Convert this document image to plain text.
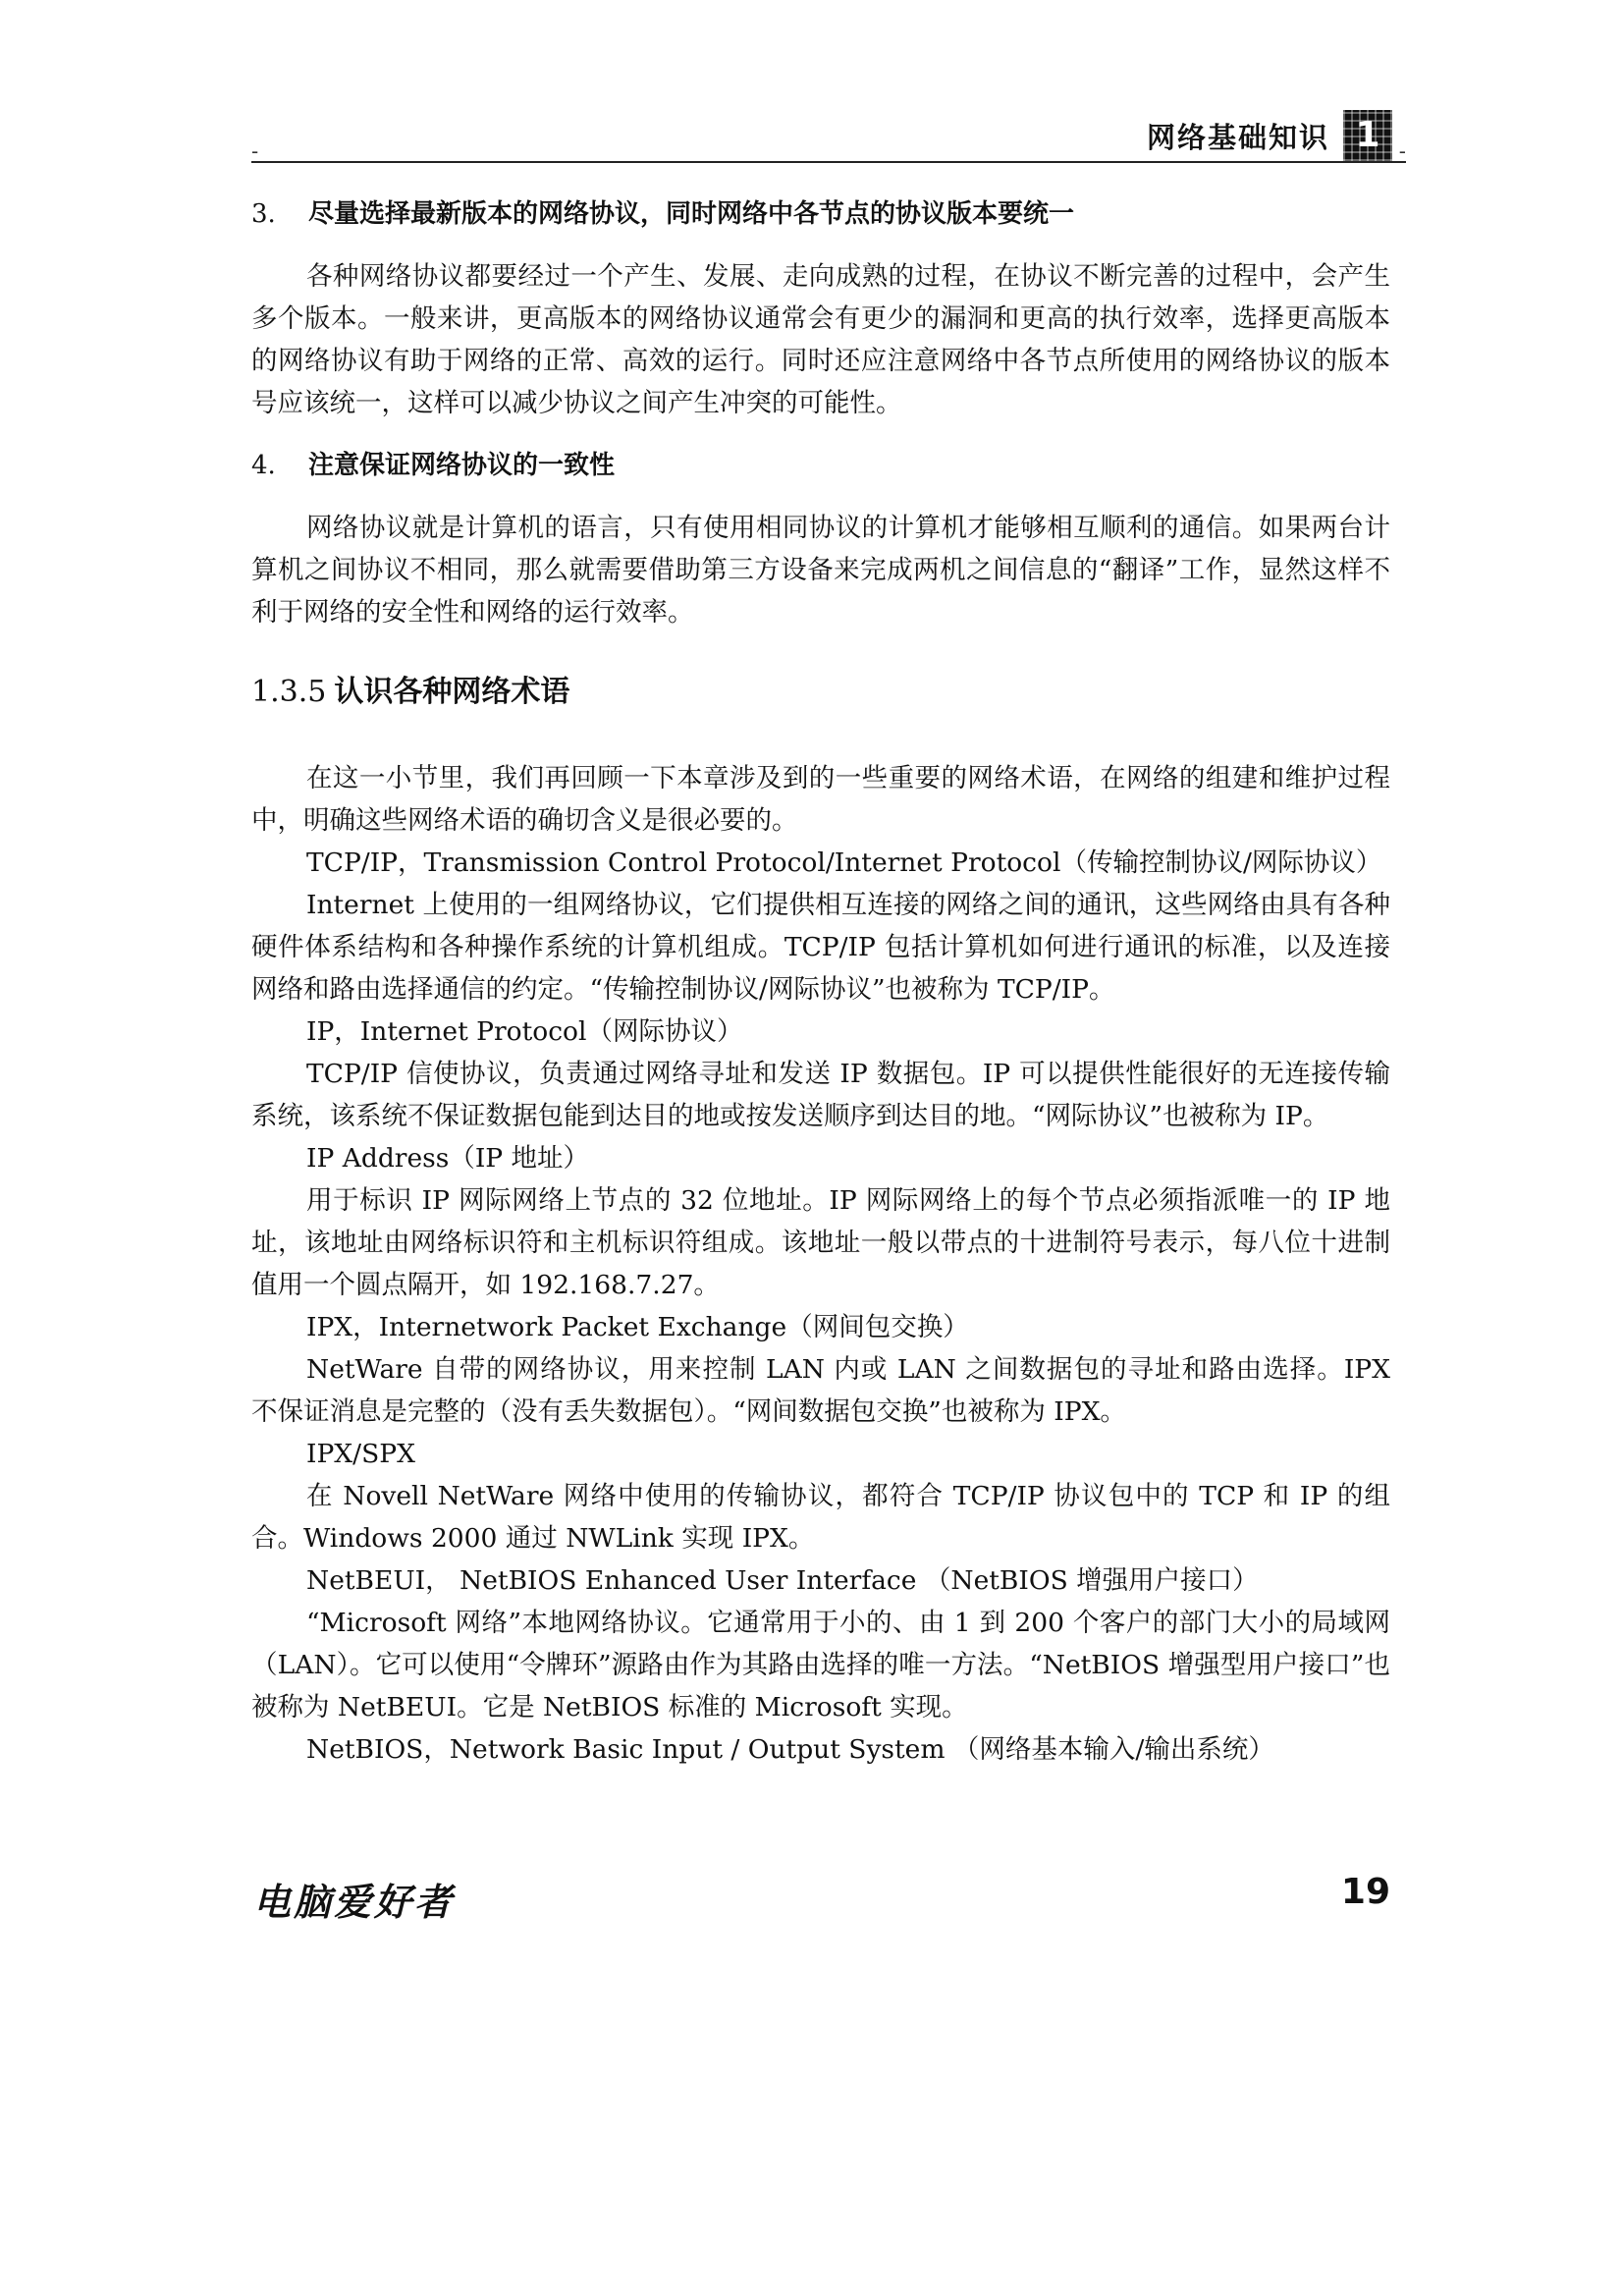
-	网络基础知识 1 -
3. 尽量选择最新版本的网络协议，同时网络中各节点的协议版本要统一

各种网络协议都要经过一个产生、发展、走向成熟的过程，在协议不断完善的过程中，会产生多个版本。一般来讲，更高版本的网络协议通常会有更少的漏洞和更高的执行效率，选择更高版本的网络协议有助于网络的正常、高效的运行。同时还应注意网络中各节点所使用的网络协议的版本号应该统一，这样可以减少协议之间产生冲突的可能性。

4. 注意保证网络协议的一致性

网络协议就是计算机的语言，只有使用相同协议的计算机才能够相互顺利的通信。如果两台计算机之间协议不相同，那么就需要借助第三方设备来完成两机之间信息的“翻译”工作，显然这样不利于网络的安全性和网络的运行效率。

1.3.5 认识各种网络术语

在这一小节里，我们再回顾一下本章涉及到的一些重要的网络术语，在网络的组建和维护过程中，明确这些网络术语的确切含义是很必要的。

TCP/IP，Transmission Control Protocol/Internet Protocol（传输控制协议/网际协议）

Internet 上使用的一组网络协议，它们提供相互连接的网络之间的通讯，这些网络由具有各种硬件体系结构和各种操作系统的计算机组成。TCP/IP 包括计算机如何进行通讯的标准，以及连接网络和路由选择通信的约定。“传输控制协议/网际协议”也被称为 TCP/IP。

IP，Internet Protocol（网际协议）

TCP/IP 信使协议，负责通过网络寻址和发送 IP 数据包。IP 可以提供性能很好的无连接传输系统，该系统不保证数据包能到达目的地或按发送顺序到达目的地。“网际协议”也被称为 IP。

IP Address（IP 地址）

用于标识 IP 网际网络上节点的 32 位地址。IP 网际网络上的每个节点必须指派唯一的 IP 地址，该地址由网络标识符和主机标识符组成。该地址一般以带点的十进制符号表示，每八位十进制值用一个圆点隔开，如 192.168.7.27。

IPX，Internetwork Packet Exchange（网间包交换）

NetWare 自带的网络协议，用来控制 LAN 内或 LAN 之间数据包的寻址和路由选择。IPX 不保证消息是完整的（没有丢失数据包）。“网间数据包交换”也被称为 IPX。

IPX/SPX

在 Novell NetWare 网络中使用的传输协议，都符合 TCP/IP 协议包中的 TCP 和 IP 的组合。Windows 2000 通过 NWLink 实现 IPX。

NetBEUI， NetBIOS Enhanced User Interface （NetBIOS 增强用户接口）

“Microsoft 网络”本地网络协议。它通常用于小的、由 1 到 200 个客户的部门大小的局域网（LAN）。它可以使用“令牌环”源路由作为其路由选择的唯一方法。“NetBIOS 增强型用户接口”也被称为 NetBEUI。它是 NetBIOS 标准的 Microsoft 实现。

NetBIOS，Network Basic Input / Output System （网络基本输入/输出系统）

电脑爱好者	19
